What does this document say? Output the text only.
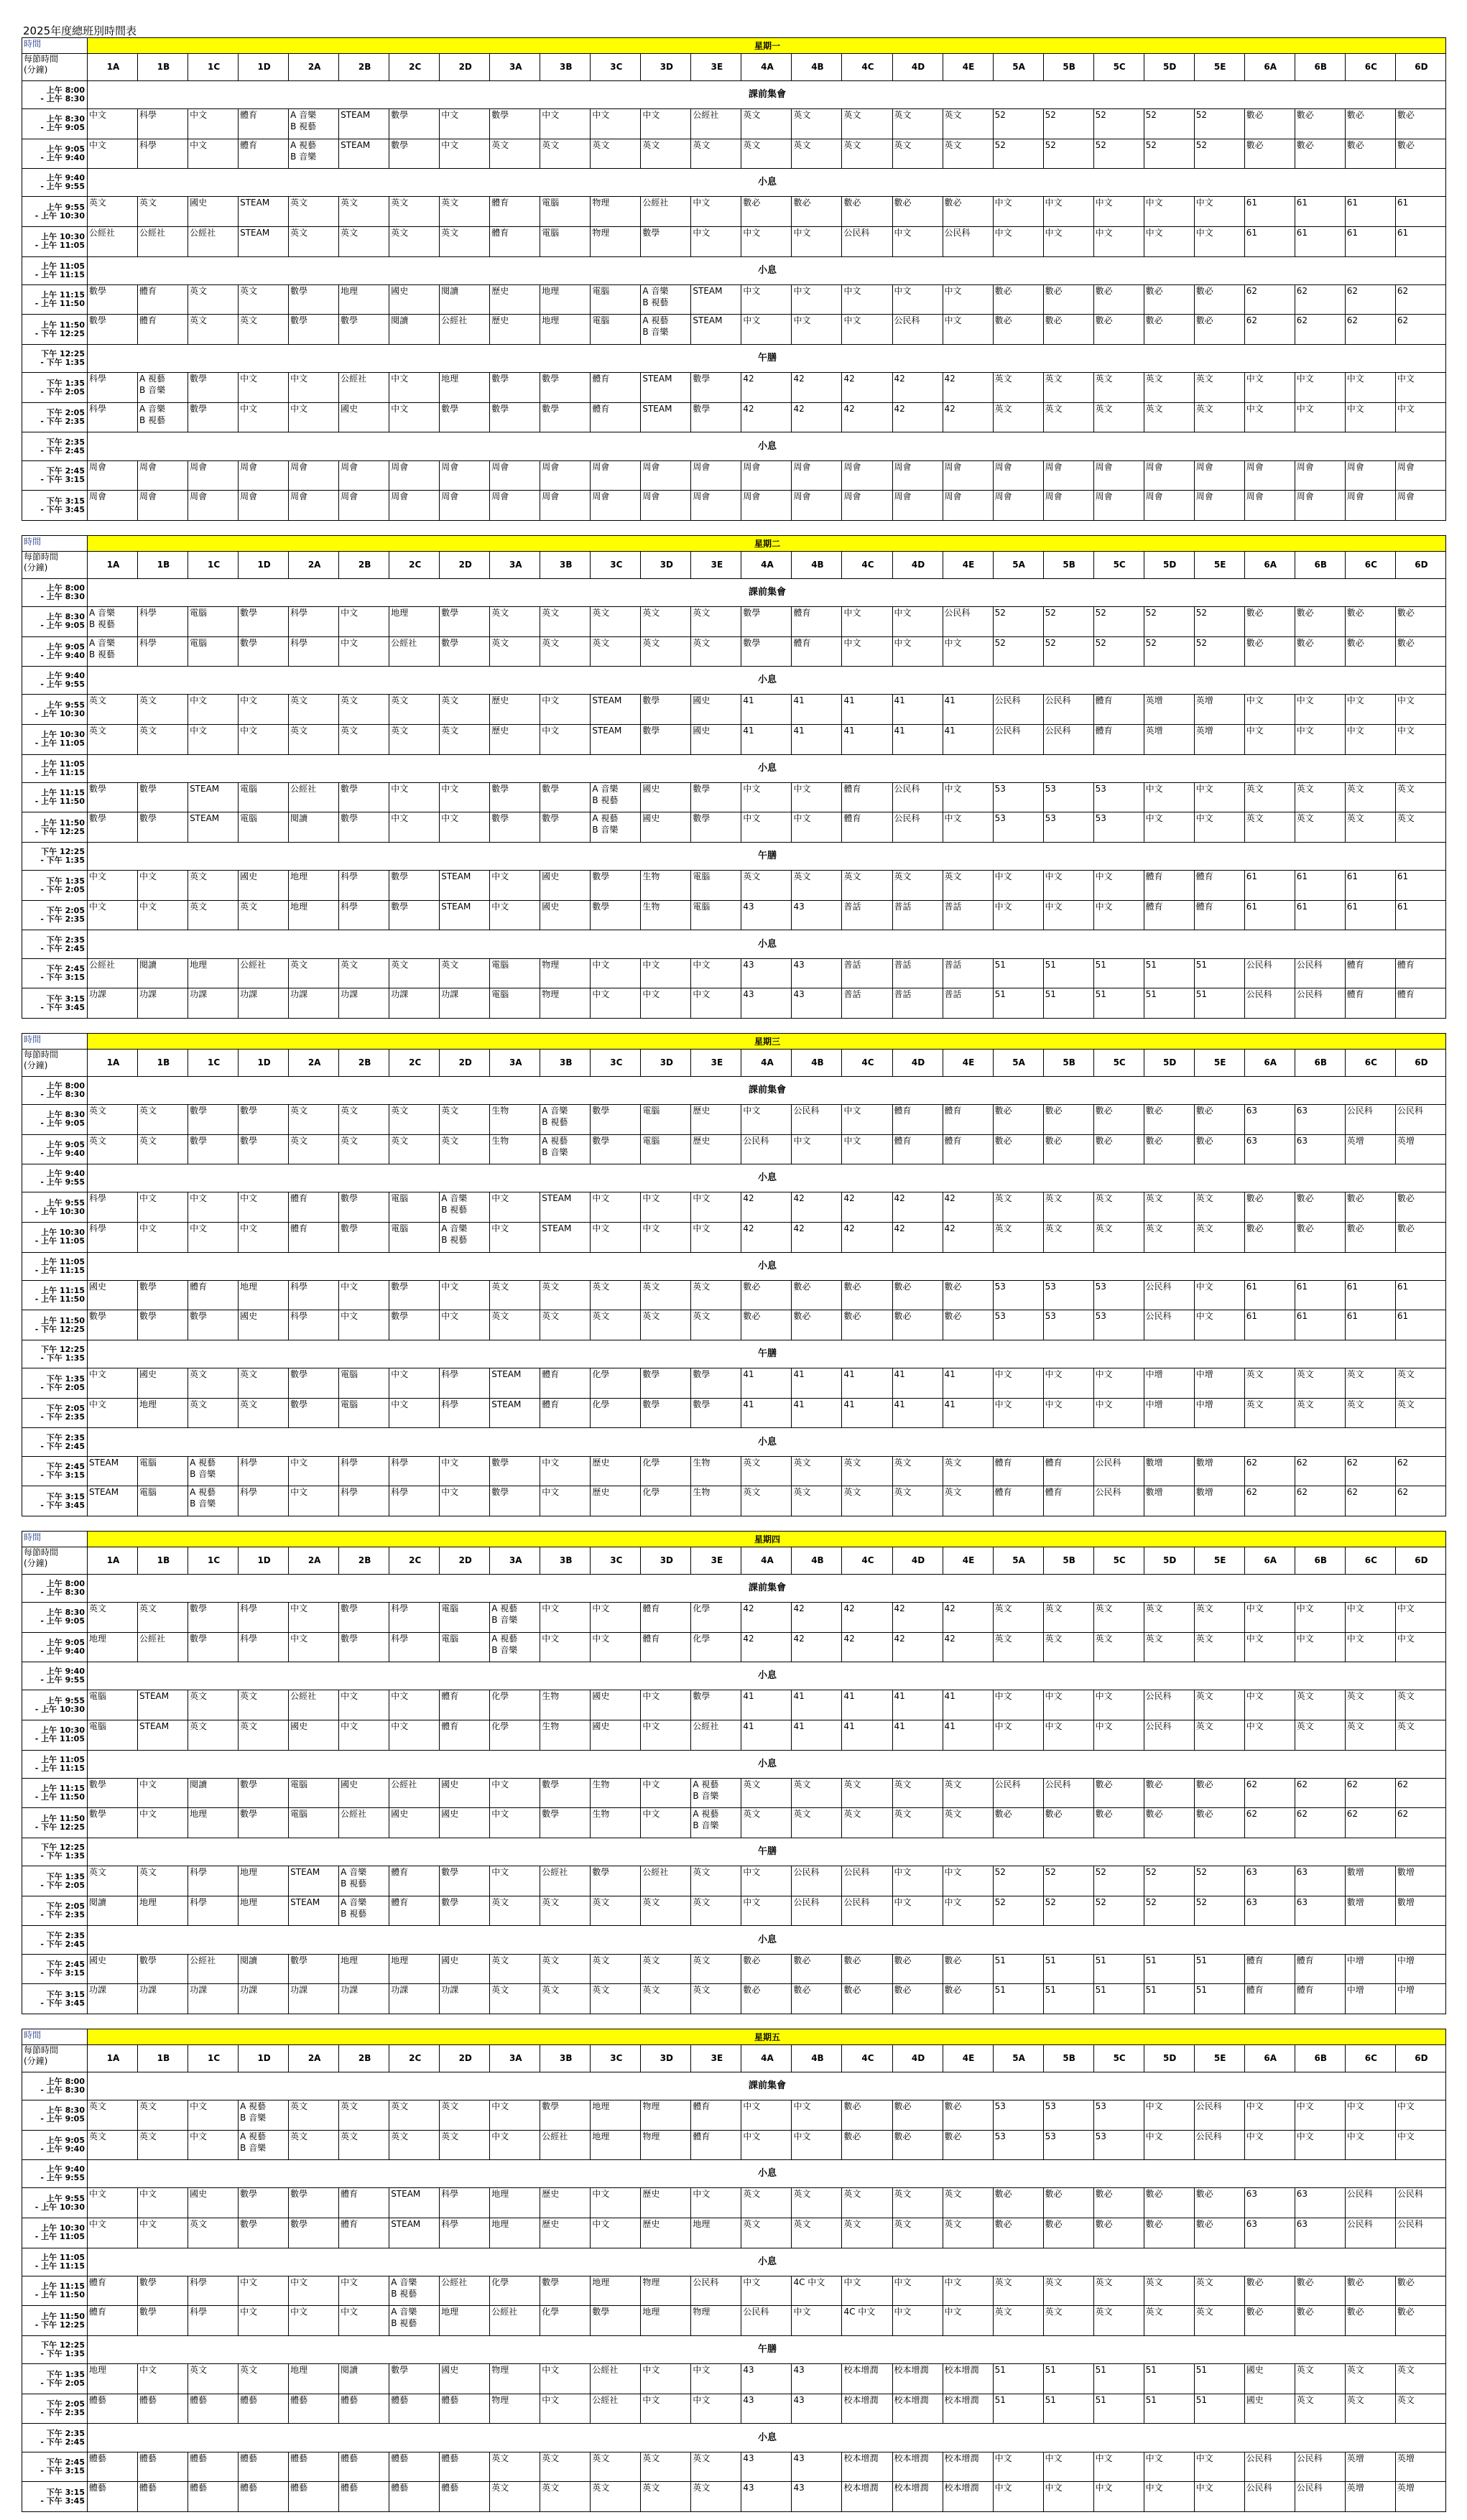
2025年度總班別時間表
時間	星期一																										

每節時間
(分鐘)	1A	1B	1C	1D	2A	2B	2C	2D	3A	3B	3C	3D	3E	4A	4B	4C	4D	4E	5A	5B	5C	5D	5E	6A	6B	6C	6D

上午 8:00
- 上午 8:30	課前集會																										

上午 8:30
- 上午 9:05	中文	科學	中文	體育	A 音樂
B 視藝	STEAM	數學	中文	數學	中文	中文	中文	公經社	英文	英文	英文	英文	英文	52	52	52	52	52	數必	數必	數必	數必

上午 9:05
- 上午 9:40	中文	科學	中文	體育	A 視藝
B 音樂	STEAM	數學	中文	英文	英文	英文	英文	英文	英文	英文	英文	英文	英文	52	52	52	52	52	數必	數必	數必	數必

上午 9:40
- 上午 9:55	小息																										

上午 9:55
- 上午 10:30	英文	英文	國史	STEAM	英文	英文	英文	英文	體育	電腦	物理	公經社	中文	數必	數必	數必	數必	數必	中文	中文	中文	中文	中文	61	61	61	61

上午 10:30
- 上午 11:05	公經社	公經社	公經社	STEAM	英文	英文	英文	英文	體育	電腦	物理	數學	中文	中文	中文	公民科	中文	公民科	中文	中文	中文	中文	中文	61	61	61	61

上午 11:05
- 上午 11:15	小息																										

上午 11:15
- 上午 11:50	數學	體育	英文	英文	數學	地理	國史	閱讀	歷史	地理	電腦	A 音樂
B 視藝	STEAM	中文	中文	中文	中文	中文	數必	數必	數必	數必	數必	62	62	62	62

上午 11:50
- 下午 12:25	數學	體育	英文	英文	數學	數學	閱讀	公經社	歷史	地理	電腦	A 視藝
B 音樂	STEAM	中文	中文	中文	公民科	中文	數必	數必	數必	數必	數必	62	62	62	62

下午 12:25
- 下午 1:35	午膳																										

下午 1:35
- 下午 2:05	科學	A 視藝
B 音樂	數學	中文	中文	公經社	中文	地理	數學	數學	體育	STEAM	數學	42	42	42	42	42	英文	英文	英文	英文	英文	中文	中文	中文	中文

下午 2:05
- 下午 2:35	科學	A 音樂
B 視藝	數學	中文	中文	國史	中文	數學	數學	數學	體育	STEAM	數學	42	42	42	42	42	英文	英文	英文	英文	英文	中文	中文	中文	中文

下午 2:35
- 下午 2:45	小息																										

下午 2:45
- 下午 3:15	周會	周會	周會	周會	周會	周會	周會	周會	周會	周會	周會	周會	周會	周會	周會	周會	周會	周會	周會	周會	周會	周會	周會	周會	周會	周會	周會

下午 3:15
- 下午 3:45	周會	周會	周會	周會	周會	周會	周會	周會	周會	周會	周會	周會	周會	周會	周會	周會	周會	周會	周會	周會	周會	周會	周會	周會	周會	周會	周會
時間	星期二																										

每節時間
(分鐘)	1A	1B	1C	1D	2A	2B	2C	2D	3A	3B	3C	3D	3E	4A	4B	4C	4D	4E	5A	5B	5C	5D	5E	6A	6B	6C	6D

上午 8:00
- 上午 8:30	課前集會																										

上午 8:30
- 上午 9:05	A 音樂
B 視藝	科學	電腦	數學	科學	中文	地理	數學	英文	英文	英文	英文	英文	數學	體育	中文	中文	公民科	52	52	52	52	52	數必	數必	數必	數必

上午 9:05
- 上午 9:40	A 音樂
B 視藝	科學	電腦	數學	科學	中文	公經社	數學	英文	英文	英文	英文	英文	數學	體育	中文	中文	中文	52	52	52	52	52	數必	數必	數必	數必

上午 9:40
- 上午 9:55	小息																										

上午 9:55
- 上午 10:30	英文	英文	中文	中文	英文	英文	英文	英文	歷史	中文	STEAM	數學	國史	41	41	41	41	41	公民科	公民科	體育	英增	英增	中文	中文	中文	中文

上午 10:30
- 上午 11:05	英文	英文	中文	中文	英文	英文	英文	英文	歷史	中文	STEAM	數學	國史	41	41	41	41	41	公民科	公民科	體育	英增	英增	中文	中文	中文	中文

上午 11:05
- 上午 11:15	小息																										

上午 11:15
- 上午 11:50	數學	數學	STEAM	電腦	公經社	數學	中文	中文	數學	數學	A 音樂
B 視藝	國史	數學	中文	中文	體育	公民科	中文	53	53	53	中文	中文	英文	英文	英文	英文

上午 11:50
- 下午 12:25	數學	數學	STEAM	電腦	閱讀	數學	中文	中文	數學	數學	A 視藝
B 音樂	國史	數學	中文	中文	體育	公民科	中文	53	53	53	中文	中文	英文	英文	英文	英文

下午 12:25
- 下午 1:35	午膳																										

下午 1:35
- 下午 2:05	中文	中文	英文	國史	地理	科學	數學	STEAM	中文	國史	數學	生物	電腦	英文	英文	英文	英文	英文	中文	中文	中文	體育	體育	61	61	61	61

下午 2:05
- 下午 2:35	中文	中文	英文	英文	地理	科學	數學	STEAM	中文	國史	數學	生物	電腦	43	43	普話	普話	普話	中文	中文	中文	體育	體育	61	61	61	61

下午 2:35
- 下午 2:45	小息																										

下午 2:45
- 下午 3:15	公經社	閱讀	地理	公經社	英文	英文	英文	英文	電腦	物理	中文	中文	中文	43	43	普話	普話	普話	51	51	51	51	51	公民科	公民科	體育	體育

下午 3:15
- 下午 3:45	功課	功課	功課	功課	功課	功課	功課	功課	電腦	物理	中文	中文	中文	43	43	普話	普話	普話	51	51	51	51	51	公民科	公民科	體育	體育
時間	星期三																										

每節時間
(分鐘)	1A	1B	1C	1D	2A	2B	2C	2D	3A	3B	3C	3D	3E	4A	4B	4C	4D	4E	5A	5B	5C	5D	5E	6A	6B	6C	6D

上午 8:00
- 上午 8:30	課前集會																										

上午 8:30
- 上午 9:05	英文	英文	數學	數學	英文	英文	英文	英文	生物	A 音樂
B 視藝	數學	電腦	歷史	中文	公民科	中文	體育	體育	數必	數必	數必	數必	數必	63	63	公民科	公民科

上午 9:05
- 上午 9:40	英文	英文	數學	數學	英文	英文	英文	英文	生物	A 視藝
B 音樂	數學	電腦	歷史	公民科	中文	中文	體育	體育	數必	數必	數必	數必	數必	63	63	英增	英增

上午 9:40
- 上午 9:55	小息																										

上午 9:55
- 上午 10:30	科學	中文	中文	中文	體育	數學	電腦	A 音樂
B 視藝	中文	STEAM	中文	中文	中文	42	42	42	42	42	英文	英文	英文	英文	英文	數必	數必	數必	數必

上午 10:30
- 上午 11:05	科學	中文	中文	中文	體育	數學	電腦	A 音樂
B 視藝	中文	STEAM	中文	中文	中文	42	42	42	42	42	英文	英文	英文	英文	英文	數必	數必	數必	數必

上午 11:05
- 上午 11:15	小息																										

上午 11:15
- 上午 11:50	國史	數學	體育	地理	科學	中文	數學	中文	英文	英文	英文	英文	英文	數必	數必	數必	數必	數必	53	53	53	公民科	中文	61	61	61	61

上午 11:50
- 下午 12:25	數學	數學	數學	國史	科學	中文	數學	中文	英文	英文	英文	英文	英文	數必	數必	數必	數必	數必	53	53	53	公民科	中文	61	61	61	61

下午 12:25
- 下午 1:35	午膳																										

下午 1:35
- 下午 2:05	中文	國史	英文	英文	數學	電腦	中文	科學	STEAM	體育	化學	數學	數學	41	41	41	41	41	中文	中文	中文	中增	中增	英文	英文	英文	英文

下午 2:05
- 下午 2:35	中文	地理	英文	英文	數學	電腦	中文	科學	STEAM	體育	化學	數學	數學	41	41	41	41	41	中文	中文	中文	中增	中增	英文	英文	英文	英文

下午 2:35
- 下午 2:45	小息																										

下午 2:45
- 下午 3:15	STEAM	電腦	A 視藝
B 音樂	科學	中文	科學	科學	中文	數學	中文	歷史	化學	生物	英文	英文	英文	英文	英文	體育	體育	公民科	數增	數增	62	62	62	62

下午 3:15
- 下午 3:45	STEAM	電腦	A 視藝
B 音樂	科學	中文	科學	科學	中文	數學	中文	歷史	化學	生物	英文	英文	英文	英文	英文	體育	體育	公民科	數增	數增	62	62	62	62
時間	星期四																										

每節時間
(分鐘)	1A	1B	1C	1D	2A	2B	2C	2D	3A	3B	3C	3D	3E	4A	4B	4C	4D	4E	5A	5B	5C	5D	5E	6A	6B	6C	6D

上午 8:00
- 上午 8:30	課前集會																										

上午 8:30
- 上午 9:05	英文	英文	數學	科學	中文	數學	科學	電腦	A 視藝
B 音樂	中文	中文	體育	化學	42	42	42	42	42	英文	英文	英文	英文	英文	中文	中文	中文	中文

上午 9:05
- 上午 9:40	地理	公經社	數學	科學	中文	數學	科學	電腦	A 視藝
B 音樂	中文	中文	體育	化學	42	42	42	42	42	英文	英文	英文	英文	英文	中文	中文	中文	中文

上午 9:40
- 上午 9:55	小息																										

上午 9:55
- 上午 10:30	電腦	STEAM	英文	英文	公經社	中文	中文	體育	化學	生物	國史	中文	數學	41	41	41	41	41	中文	中文	中文	公民科	英文	中文	英文	英文	英文

上午 10:30
- 上午 11:05	電腦	STEAM	英文	英文	國史	中文	中文	體育	化學	生物	國史	中文	公經社	41	41	41	41	41	中文	中文	中文	公民科	英文	中文	英文	英文	英文

上午 11:05
- 上午 11:15	小息																										

上午 11:15
- 上午 11:50	數學	中文	閱讀	數學	電腦	國史	公經社	國史	中文	數學	生物	中文	A 視藝
B 音樂	英文	英文	英文	英文	英文	公民科	公民科	數必	數必	數必	62	62	62	62

上午 11:50
- 下午 12:25	數學	中文	地理	數學	電腦	公經社	國史	國史	中文	數學	生物	中文	A 視藝
B 音樂	英文	英文	英文	英文	英文	數必	數必	數必	數必	數必	62	62	62	62

下午 12:25
- 下午 1:35	午膳																										

下午 1:35
- 下午 2:05	英文	英文	科學	地理	STEAM	A 音樂
B 視藝	體育	數學	中文	公經社	數學	公經社	英文	中文	公民科	公民科	中文	中文	52	52	52	52	52	63	63	數增	數增

下午 2:05
- 下午 2:35	閱讀	地理	科學	地理	STEAM	A 音樂
B 視藝	體育	數學	英文	英文	英文	英文	英文	中文	公民科	公民科	中文	中文	52	52	52	52	52	63	63	數增	數增

下午 2:35
- 下午 2:45	小息																										

下午 2:45
- 下午 3:15	國史	數學	公經社	閱讀	數學	地理	地理	國史	英文	英文	英文	英文	英文	數必	數必	數必	數必	數必	51	51	51	51	51	體育	體育	中增	中增

下午 3:15
- 下午 3:45	功課	功課	功課	功課	功課	功課	功課	功課	英文	英文	英文	英文	英文	數必	數必	數必	數必	數必	51	51	51	51	51	體育	體育	中增	中增
時間	星期五																										

每節時間
(分鐘)	1A	1B	1C	1D	2A	2B	2C	2D	3A	3B	3C	3D	3E	4A	4B	4C	4D	4E	5A	5B	5C	5D	5E	6A	6B	6C	6D

上午 8:00
- 上午 8:30	課前集會																										

上午 8:30
- 上午 9:05	英文	英文	中文	A 視藝
B 音樂	英文	英文	英文	英文	中文	數學	地理	物理	體育	中文	中文	數必	數必	數必	53	53	53	中文	公民科	中文	中文	中文	中文

上午 9:05
- 上午 9:40	英文	英文	中文	A 視藝
B 音樂	英文	英文	英文	英文	中文	公經社	地理	物理	體育	中文	中文	數必	數必	數必	53	53	53	中文	公民科	中文	中文	中文	中文

上午 9:40
- 上午 9:55	小息																										

上午 9:55
- 上午 10:30	中文	中文	國史	數學	數學	體育	STEAM	科學	地理	歷史	中文	歷史	中文	英文	英文	英文	英文	英文	數必	數必	數必	數必	數必	63	63	公民科	公民科

上午 10:30
- 上午 11:05	中文	中文	英文	數學	數學	體育	STEAM	科學	地理	歷史	中文	歷史	地理	英文	英文	英文	英文	英文	數必	數必	數必	數必	數必	63	63	公民科	公民科

上午 11:05
- 上午 11:15	小息																										

上午 11:15
- 上午 11:50	體育	數學	科學	中文	中文	中文	A 音樂
B 視藝	公經社	化學	數學	地理	物理	公民科	中文	4C 中文	中文	中文	中文	英文	英文	英文	英文	英文	數必	數必	數必	數必

上午 11:50
- 下午 12:25	體育	數學	科學	中文	中文	中文	A 音樂
B 視藝	地理	公經社	化學	數學	地理	物理	公民科	中文	4C 中文	中文	中文	英文	英文	英文	英文	英文	數必	數必	數必	數必

下午 12:25
- 下午 1:35	午膳																										

下午 1:35
- 下午 2:05	地理	中文	英文	英文	地理	閱讀	數學	國史	物理	中文	公經社	中文	中文	43	43	校本增潤	校本增潤	校本增潤	51	51	51	51	51	國史	英文	英文	英文

下午 2:05
- 下午 2:35	體藝	體藝	體藝	體藝	體藝	體藝	體藝	體藝	物理	中文	公經社	中文	中文	43	43	校本增潤	校本增潤	校本增潤	51	51	51	51	51	國史	英文	英文	英文

下午 2:35
- 下午 2:45	小息																										

下午 2:45
- 下午 3:15	體藝	體藝	體藝	體藝	體藝	體藝	體藝	體藝	英文	英文	英文	英文	英文	43	43	校本增潤	校本增潤	校本增潤	中文	中文	中文	中文	中文	公民科	公民科	英增	英增

下午 3:15
- 下午 3:45	體藝	體藝	體藝	體藝	體藝	體藝	體藝	體藝	英文	英文	英文	英文	英文	43	43	校本增潤	校本增潤	校本增潤	中文	中文	中文	中文	中文	公民科	公民科	英增	英增
